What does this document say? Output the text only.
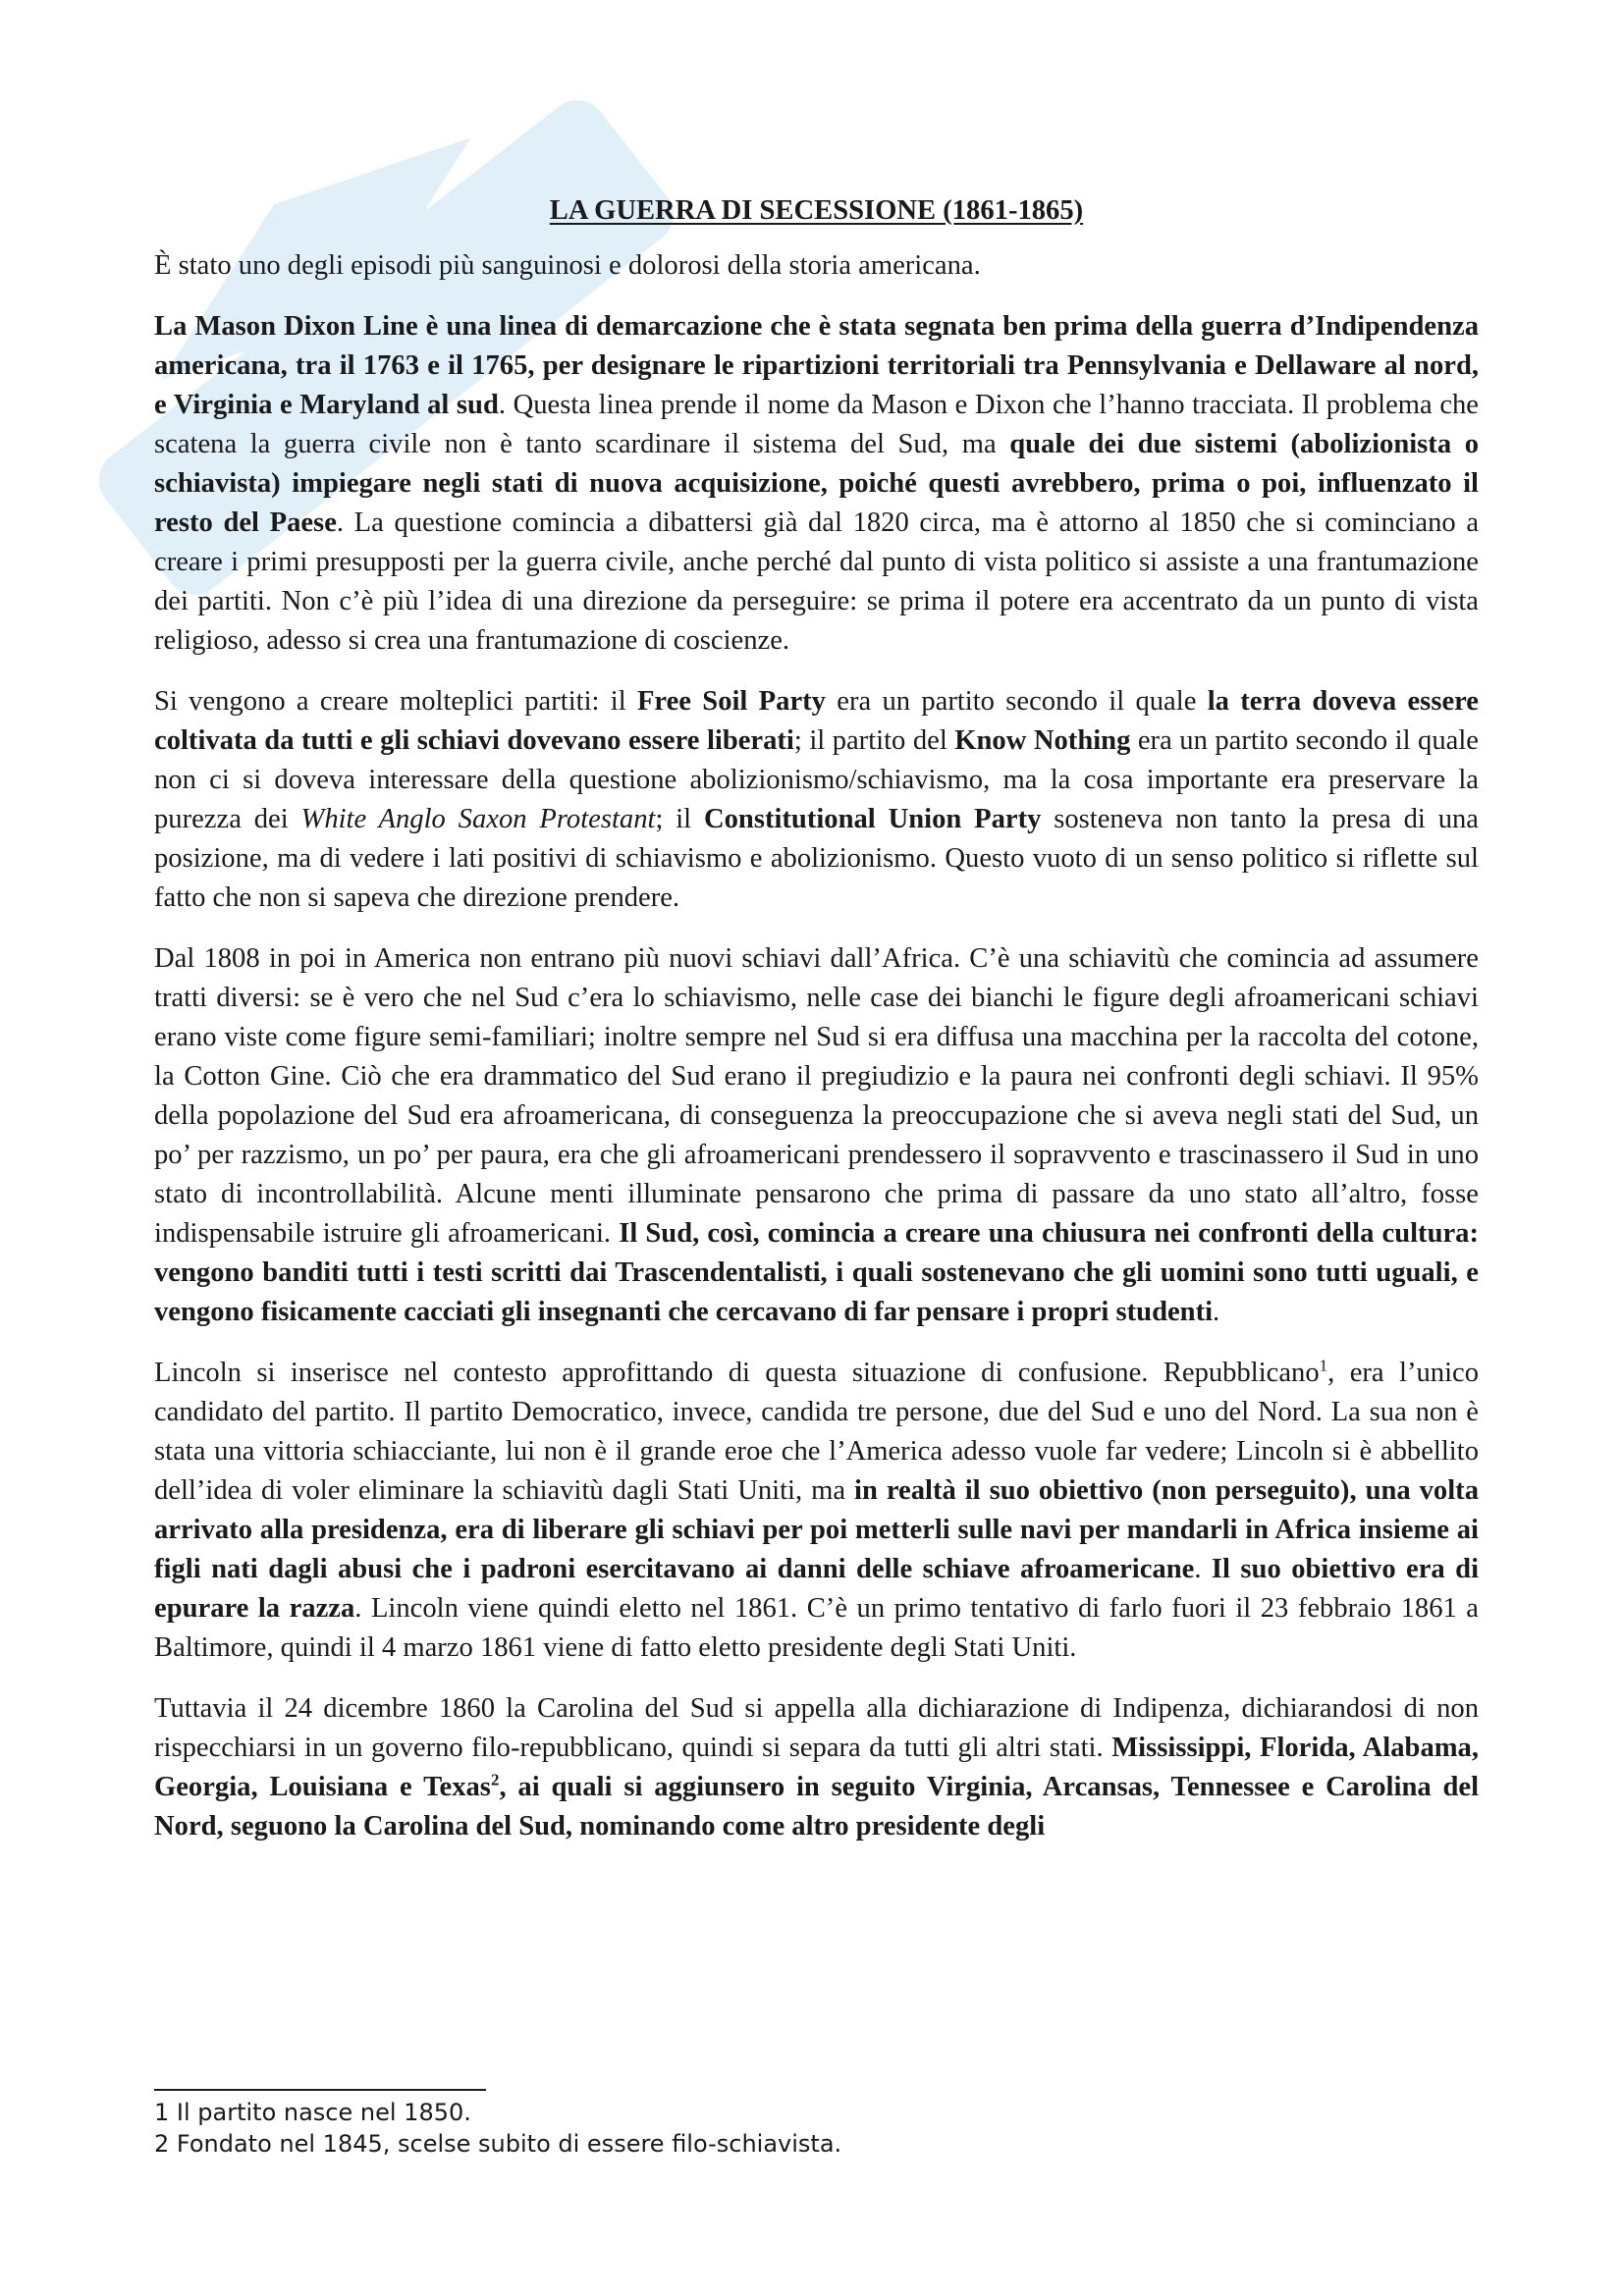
LA GUERRA DI SECESSIONE (1861-1865)

È stato uno degli episodi più sanguinosi e dolorosi della storia americana.

La Mason Dixon Line è una linea di demarcazione che è stata segnata ben prima della guerra d’Indipendenza americana, tra il 1763 e il 1765, per designare le ripartizioni territoriali tra Pennsylvania e Dellaware al nord, e Virginia e Maryland al sud. Questa linea prende il nome da Mason e Dixon che l’hanno tracciata. Il problema che scatena la guerra civile non è tanto scardinare il sistema del Sud, ma quale dei due sistemi (abolizionista o schiavista) impiegare negli stati di nuova acquisizione, poiché questi avrebbero, prima o poi, influenzato il resto del Paese. La questione comincia a dibattersi già dal 1820 circa, ma è attorno al 1850 che si cominciano a creare i primi presupposti per la guerra civile, anche perché dal punto di vista politico si assiste a una frantumazione dei partiti. Non c’è più l’idea di una direzione da perseguire: se prima il potere era accentrato da un punto di vista religioso, adesso si crea una frantumazione di coscienze.

Si vengono a creare molteplici partiti: il Free Soil Party era un partito secondo il quale la terra doveva essere coltivata da tutti e gli schiavi dovevano essere liberati; il partito del Know Nothing era un partito secondo il quale non ci si doveva interessare della questione abolizionismo/schiavismo, ma la cosa importante era preservare la purezza dei White Anglo Saxon Protestant; il Constitutional Union Party sosteneva non tanto la presa di una posizione, ma di vedere i lati positivi di schiavismo e abolizionismo. Questo vuoto di un senso politico si riflette sul fatto che non si sapeva che direzione prendere.

Dal 1808 in poi in America non entrano più nuovi schiavi dall’Africa. C’è una schiavitù che comincia ad assumere tratti diversi: se è vero che nel Sud c’era lo schiavismo, nelle case dei bianchi le figure degli afroamericani schiavi erano viste come figure semi-familiari; inoltre sempre nel Sud si era diffusa una macchina per la raccolta del cotone, la Cotton Gine. Ciò che era drammatico del Sud erano il pregiudizio e la paura nei confronti degli schiavi. Il 95% della popolazione del Sud era afroamericana, di conseguenza la preoccupazione che si aveva negli stati del Sud, un po’ per razzismo, un po’ per paura, era che gli afroamericani prendessero il sopravvento e trascinassero il Sud in uno stato di incontrollabilità. Alcune menti illuminate pensarono che prima di passare da uno stato all’altro, fosse indispensabile istruire gli afroamericani. Il Sud, così, comincia a creare una chiusura nei confronti della cultura: vengono banditi tutti i testi scritti dai Trascendentalisti, i quali sostenevano che gli uomini sono tutti uguali, e vengono fisicamente cacciati gli insegnanti che cercavano di far pensare i propri studenti.

Lincoln si inserisce nel contesto approfittando di questa situazione di confusione. Repubblicano$^1$, era l’unico candidato del partito. Il partito Democratico, invece, candida tre persone, due del Sud e uno del Nord. La sua non è stata una vittoria schiacciante, lui non è il grande eroe che l’America adesso vuole far vedere; Lincoln si è abbellito dell’idea di voler eliminare la schiavitù dagli Stati Uniti, ma in realtà il suo obiettivo (non perseguito), una volta arrivato alla presidenza, era di liberare gli schiavi per poi metterli sulle navi per mandarli in Africa insieme ai figli nati dagli abusi che i padroni esercitavano ai danni delle schiave afroamericane. Il suo obiettivo era di epurare la razza. Lincoln viene quindi eletto nel 1861. C’è un primo tentativo di farlo fuori il 23 febbraio 1861 a Baltimore, quindi il 4 marzo 1861 viene di fatto eletto presidente degli Stati Uniti.

Tuttavia il 24 dicembre 1860 la Carolina del Sud si appella alla dichiarazione di Indipenza, dichiarandosi di non rispecchiarsi in un governo filo-repubblicano, quindi si separa da tutti gli altri stati. Mississippi, Florida, Alabama, Georgia, Louisiana e Texas$^2$, ai quali si aggiunsero in seguito Virginia, Arcansas, Tennessee e Carolina del Nord, seguono la Carolina del Sud, nominando come altro presidente degli

1 Il partito nasce nel 1850.
2 Fondato nel 1845, scelse subito di essere filo-schiavista.
